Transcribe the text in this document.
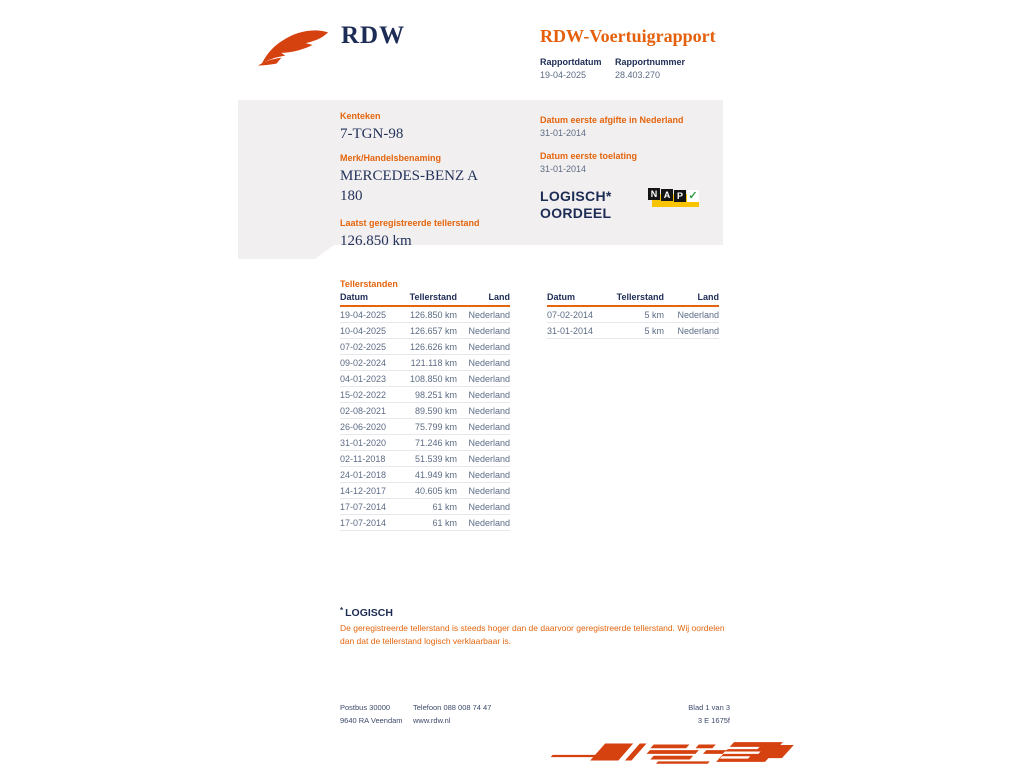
RDW	RDW-Voertuigrapport
Rapportdatum
19-04-2025
Rapportnummer
28.403.270
Kenteken
7-TGN-98
Merk/Handelsbenaming
MERCEDES-BENZ A 180
Laatst geregistreerde tellerstand
126.850 km
Datum eerste afgifte in Nederland
31-01-2014
Datum eerste toelating
31-01-2014
LOGISCH*
OORDEEL
N A P ✓
Tellerstanden
Datum	Tellerstand	Land
19-04-2025	126.850 km	Nederland
10-04-2025	126.657 km	Nederland
07-02-2025	126.626 km	Nederland
09-02-2024	121.118 km	Nederland
04-01-2023	108.850 km	Nederland
15-02-2022	98.251 km	Nederland
02-08-2021	89.590 km	Nederland
26-06-2020	75.799 km	Nederland
31-01-2020	71.246 km	Nederland
02-11-2018	51.539 km	Nederland
24-01-2018	41.949 km	Nederland
14-12-2017	40.605 km	Nederland
17-07-2014	61 km	Nederland
17-07-2014	61 km	Nederland
Datum	Tellerstand	Land
07-02-2014	5 km	Nederland
31-01-2014	5 km	Nederland
* LOGISCH
De geregistreerde tellerstand is steeds hoger dan de daarvoor geregistreerde tellerstand. Wij oordelen dan dat de tellerstand logisch verklaarbaar is.
Postbus 30000
9640 RA Veendam
Telefoon 088 008 74 47
www.rdw.nl
Blad 1 van 3
3 E 1675f
